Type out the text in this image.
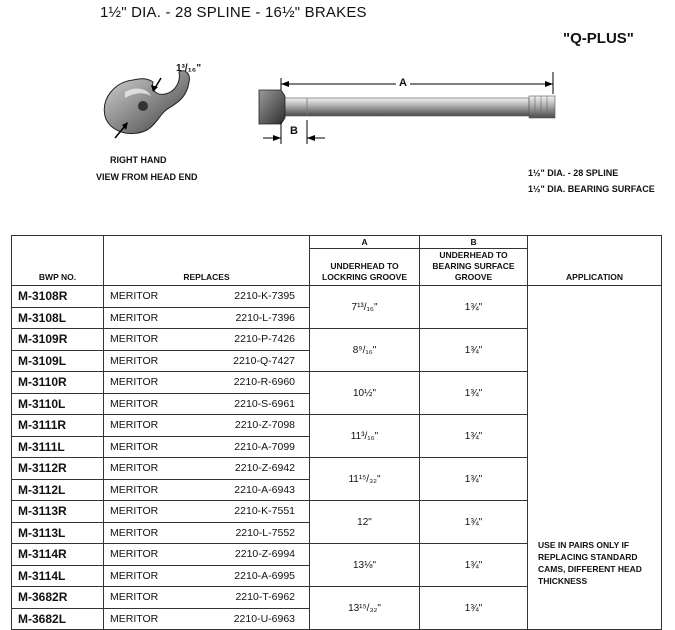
1½" DIA. - 28 SPLINE - 16½" BRAKES
"Q-PLUS"
1³/₁₆"
RIGHT HAND
VIEW FROM HEAD END
A
B
1½" DIA. - 28 SPLINE
1½" DIA. BEARING SURFACE
BWP NO.	REPLACES		A	B	APPLICATION
			UNDERHEAD TO LOCKRING GROOVE	UNDERHEAD TO BEARING SURFACE GROOVE	
M-3108R	MERITOR	2210-K-7395	7¹³/₁₆"	1¾"	USE IN PAIRS ONLY IF REPLACING STANDARD CAMS, DIFFERENT HEAD THICKNESS
M-3108L	MERITOR	2210-L-7396			
M-3109R	MERITOR	2210-P-7426	8⁹/₁₆"	1¾"	
M-3109L	MERITOR	2210-Q-7427			
M-3110R	MERITOR	2210-R-6960	10½"	1¾"	
M-3110L	MERITOR	2210-S-6961			
M-3111R	MERITOR	2210-Z-7098	11³/₁₆"	1¾"	
M-3111L	MERITOR	2210-A-7099			
M-3112R	MERITOR	2210-Z-6942	11¹⁵/₃₂"	1¾"	
M-3112L	MERITOR	2210-A-6943			
M-3113R	MERITOR	2210-K-7551	12"	1¾"	
M-3113L	MERITOR	2210-L-7552			
M-3114R	MERITOR	2210-Z-6994	13⅛"	1¾"	
M-3114L	MERITOR	2210-A-6995			
M-3682R	MERITOR	2210-T-6962	13¹⁵/₃₂"	1¾"	
M-3682L	MERITOR	2210-U-6963			
